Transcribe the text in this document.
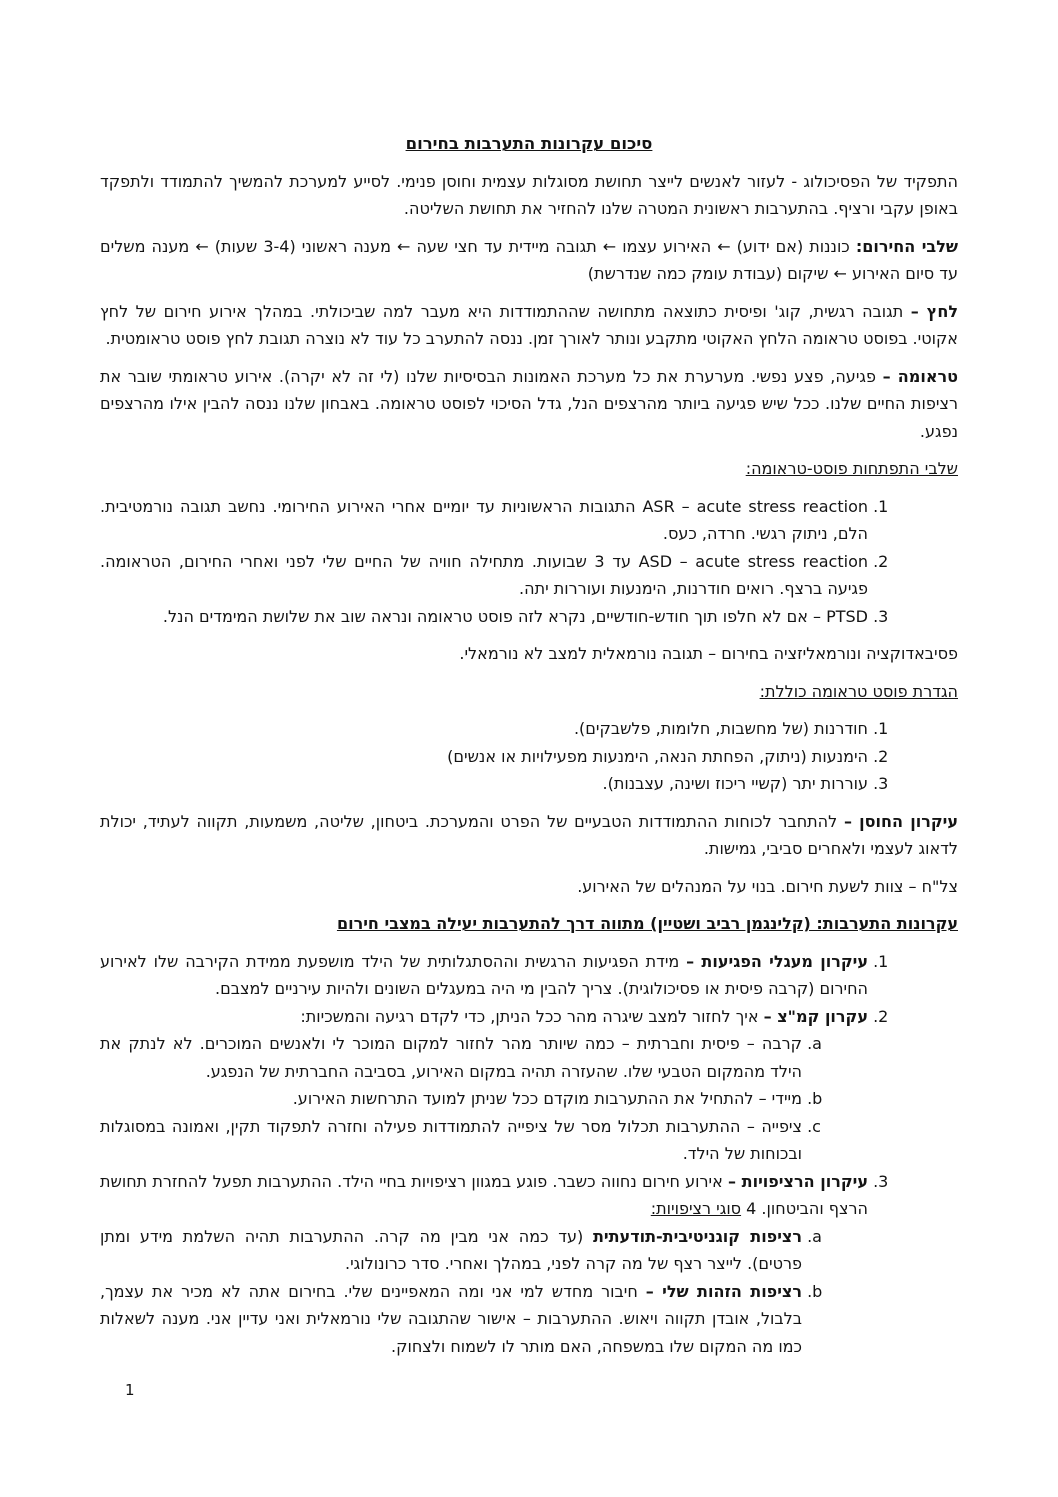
סיכום עקרונות התערבות בחירום

התפקיד של הפסיכולוג - לעזור לאנשים לייצר תחושת מסוגלות עצמית וחוסן פנימי. לסייע למערכת להמשיך להתמודד ולתפקד באופן עקבי ורציף. בהתערבות ראשונית המטרה שלנו להחזיר את תחושת השליטה.

שלבי החירום: כוננות (אם ידוע) ← האירוע עצמו ← תגובה מיידית עד חצי שעה ← מענה ראשוני (3-4 שעות) ← מענה משלים עד סיום האירוע ← שיקום (עבודת עומק כמה שנדרשת)

לחץ – תגובה רגשית, קוג' ופיסית כתוצאה מתחושה שההתמודדות היא מעבר למה שביכולתי. במהלך אירוע חירום של לחץ אקוטי. בפוסט טראומה הלחץ האקוטי מתקבע ונותר לאורך זמן. ננסה להתערב כל עוד לא נוצרה תגובת לחץ פוסט טראומטית.

טראומה – פגיעה, פצע נפשי. מערערת את כל מערכת האמונות הבסיסיות שלנו (לי זה לא יקרה). אירוע טראומתי שובר את רציפות החיים שלנו. ככל שיש פגיעה ביותר מהרצפים הנל, גדל הסיכוי לפוסט טראומה. באבחון שלנו ננסה להבין אילו מהרצפים נפגע.

שלבי התפתחות פוסט-טראומה:
1. ASR – acute stress reaction התגובות הראשוניות עד יומיים אחרי האירוע החירומי. נחשב תגובה נורמטיבית. הלם, ניתוק רגשי. חרדה, כעס.
2. ASD – acute stress reaction עד 3 שבועות. מתחילה חוויה של החיים שלי לפני ואחרי החירום, הטראומה. פגיעה ברצף. רואים חודרנות, הימנעות ועוררות יתה.
3. PTSD – אם לא חלפו תוך חודש-חודשיים, נקרא לזה פוסט טראומה ונראה שוב את שלושת המימדים הנל.

פסיבאדוקציה ונורמאליזציה בחירום – תגובה נורמאלית למצב לא נורמאלי.

הגדרת פוסט טראומה כוללת:
1. חודרנות (של מחשבות, חלומות, פלשבקים).
2. הימנעות (ניתוק, הפחתת הנאה, הימנעות מפעילויות או אנשים)
3. עוררות יתר (קשיי ריכוז ושינה, עצבנות).

עיקרון החוסן – להתחבר לכוחות ההתמודדות הטבעיים של הפרט והמערכת. ביטחון, שליטה, משמעות, תקווה לעתיד, יכולת לדאוג לעצמי ולאחרים סביבי, גמישות.

צל"ח – צוות לשעת חירום. בנוי על המנהלים של האירוע.

עקרונות התערבות: (קלינגמן רביב ושטיין) מתווה דרך להתערבות יעילה במצבי חירום
1. עיקרון מעגלי הפגיעות – מידת הפגיעות הרגשית וההסתגלותית של הילד מושפעת ממידת הקירבה שלו לאירוע החירום (קרבה פיסית או פסיכולוגית). צריך להבין מי היה במעגלים השונים ולהיות עירניים למצבם.
2. עקרון קמ"צ – איך לחזור למצב שיגרה מהר ככל הניתן, כדי לקדם רגיעה והמשכיות:
a. קרבה – פיסית וחברתית – כמה שיותר מהר לחזור למקום המוכר לי ולאנשים המוכרים. לא לנתק את הילד מהמקום הטבעי שלו. שהעזרה תהיה במקום האירוע, בסביבה החברתית של הנפגע.
b. מיידי – להתחיל את ההתערבות מוקדם ככל שניתן למועד התרחשות האירוע.
c. ציפייה – ההתערבות תכלול מסר של ציפייה להתמודדות פעילה וחזרה לתפקוד תקין, ואמונה במסוגלות ובכוחות של הילד.
3. עיקרון הרציפויות – אירוע חירום נחווה כשבר. פוגע במגוון רציפויות בחיי הילד. ההתערבות תפעל להחזרת תחושת הרצף והביטחון. 4 סוגי רציפויות:
a. רציפות קוגניטיבית-תודעתית (עד כמה אני מבין מה קרה. ההתערבות תהיה השלמת מידע ומתן פרטים). לייצר רצף של מה קרה לפני, במהלך ואחרי. סדר כרונולוגי.
b. רציפות הזהות שלי – חיבור מחדש למי אני ומה המאפיינים שלי. בחירום אתה לא מכיר את עצמך, בלבול, אובדן תקווה ויאוש. ההתערבות – אישור שהתגובה שלי נורמאלית ואני עדיין אני. מענה לשאלות כמו מה המקום שלו במשפחה, האם מותר לו לשמוח ולצחוק.
1
